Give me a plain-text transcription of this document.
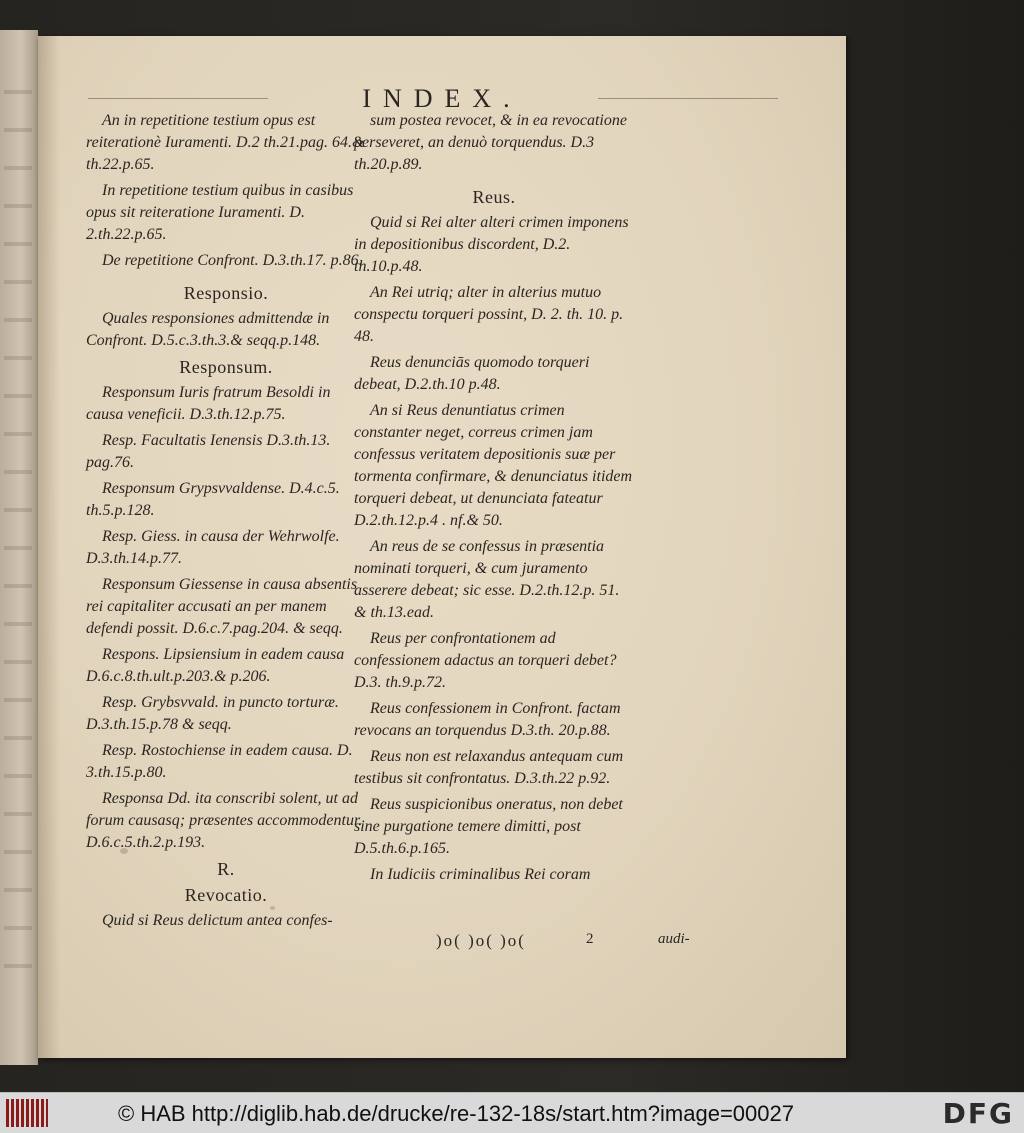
INDEX.
An in repetitione testium opus est reiterationè Iuramenti. D.2 th.21.pag. 64.& th.22.p.65.
In repetitione testium quibus in casibus opus sit reiteratione Iuramenti. D. 2.th.22.p.65.
De repetitione Confront. D.3.th.17. p.86.
Responsio.
Quales responsiones admittendæ in Confront. D.5.c.3.th.3.& seqq.p.148.
Responsum.
Responsum Iuris fratrum Besoldi in causa veneficii. D.3.th.12.p.75.
Resp. Facultatis Ienensis D.3.th.13. pag.76.
Responsum Grypsvvaldense. D.4.c.5. th.5.p.128.
Resp. Giess. in causa der Wehrwolfe. D.3.th.14.p.77.
Responsum Giessense in causa absentis rei capitaliter accusati an per manem defendi possit. D.6.c.7.pag.204. & seqq.
Respons. Lipsiensium in eadem causa D.6.c.8.th.ult.p.203.& p.206.
Resp. Grybsvvald. in puncto torturæ. D.3.th.15.p.78 & seqq.
Resp. Rostochiense in eadem causa. D. 3.th.15.p.80.
Responsa Dd. ita conscribi solent, ut ad forum causasq; præsentes accommodentur. D.6.c.5.th.2.p.193.
R.
Revocatio.
Quid si Reus delictum antea confes-
sum postea revocet, & in ea revocatione perseveret, an denuò torquendus. D.3 th.20.p.89.
Reus.
Quid si Rei alter alteri crimen imponens in depositionibus discordent, D.2. th.10.p.48.
An Rei utriq; alter in alterius mutuo conspectu torqueri possint, D. 2. th. 10. p. 48.
Reus denunciās quomodo torqueri debeat, D.2.th.10 p.48.
An si Reus denuntiatus crimen constanter neget, correus crimen jam confessus veritatem depositionis suæ per tormenta confirmare, & denunciatus itidem torqueri debeat, ut denunciata fateatur D.2.th.12.p.4 . nf.& 50.
An reus de se confessus in præsentia nominati torqueri, & cum juramento asserere debeat; sic esse. D.2.th.12.p. 51. & th.13.ead.
Reus per confrontationem ad confessionem adactus an torqueri debet? D.3. th.9.p.72.
Reus confessionem in Confront. factam revocans an torquendus D.3.th. 20.p.88.
Reus non est relaxandus antequam cum testibus sit confrontatus. D.3.th.22 p.92.
Reus suspicionibus oneratus, non debet sine purgatione temere dimitti, post D.5.th.6.p.165.
In Iudiciis criminalibus Rei coram
)o( )o( )o(	2	audi-
© HAB http://diglib.hab.de/drucke/re-132-18s/start.htm?image=00027	DFG
